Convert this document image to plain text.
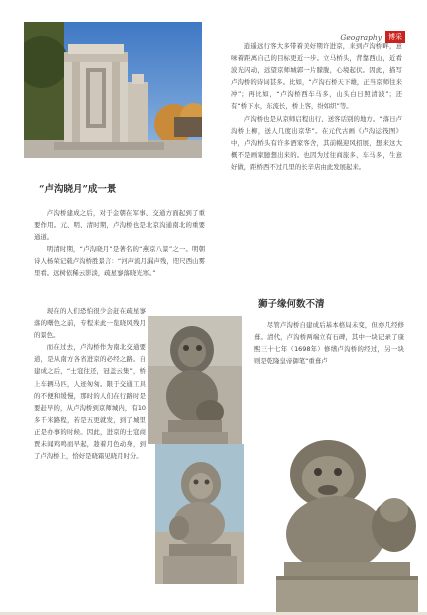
Geography 博采

逍遥远行客大多带着美好期许进京，来到卢沟桥畔，意味着距离自己的目标更近一步。立马桥头，背靠西山，近看波光闪动，远望京师城郭一片朦胧，心境起伏。因此，描写卢沟桥的诗词甚多。比如，“卢沟石桥天下雄，正当京师往来冲”；再比如，“卢沟桥西车马多，山头白日照清波”；还有“桥下水，东流长，桥上客，纷如织”等。

卢沟桥也是从京师启程出行、送客话别的地方。“落日卢沟桥上柳，送人几度出京华”。在元代古画《卢沟运筏图》中，卢沟桥头有许多酒家客舍，其前幌迎风招展，想来这大概不是画家臆想出来的。也因为过往商旅多，车马多，生意好做，距桥西不过几里的长辛店由此发展起来。

“卢沟晓月”成一景

卢沟桥建成之后，对于金朝在军事、交通方面起到了重要作用。元、明、清时期，卢沟桥也是北京沟通南北的重要通道。

明清时期，“卢沟晓月”是著名的“燕京八景”之一。明朝诗人杨荣记载卢沟桥胜景言：“河声流月漏声残，咫尺西山雾里看。远树依稀云影淡，疏星寥落晓光寒。”

现在的人们恐怕很少会赶在疏星寥落的曙色之前，专程来此一览晓风残月的景色。

而在过去，卢沟桥作为南北交通要道，是从南方各省进京的必经之路。自建成之后，“士寇往还，冠盖云集”，桥上车辆马匹，人迹匆匆。限于交通工具的不便和缓慢，那时的人们在行路时是要赶早的，从卢沟桥到京师城内，有10多千米路程，若是五更就发，到了城里正是办事的时候。因此，进京的士寇商贾未闻鸡鸣而早起，趁着月色动身，到了卢沟桥上，恰好是晓霜见晓月时分。

狮子缘何数不清

尽管卢沟桥自建成后基本格局未变，但亦几经修葺。清代，卢沟桥两端立有石碑，其中一块记录了康熙三十七年（1698年）修缮卢沟桥的经过，另一块则是乾隆皇帝御笔“重葺卢
